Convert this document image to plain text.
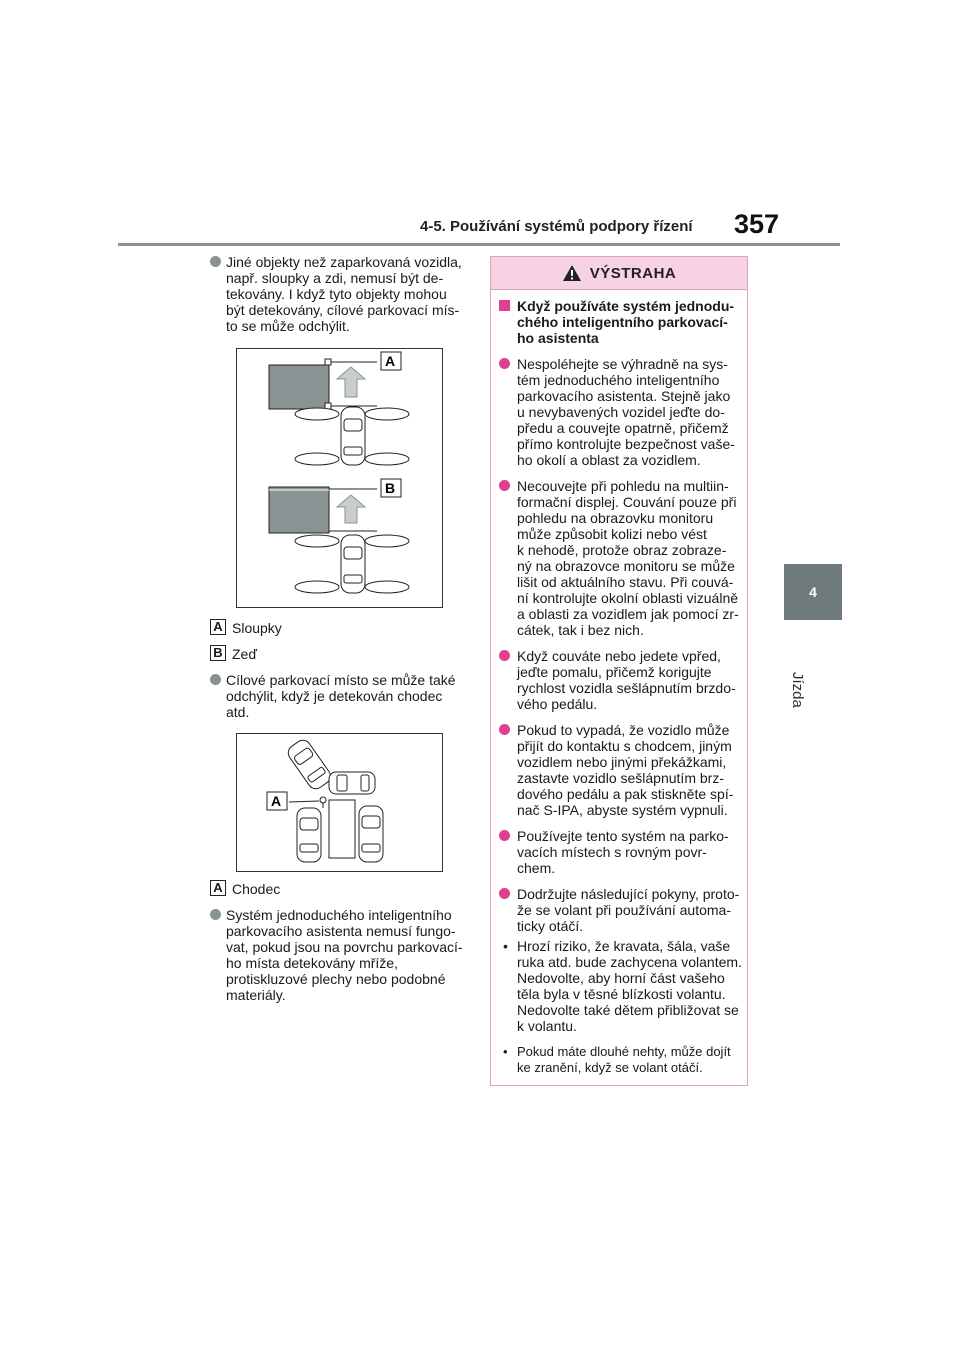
4-5. Používání systémů podpory řízení 357
4
Jízda
Jiné objekty než zaparkovaná vozidla,
např. sloupky a zdi, nemusí být de-
tekovány. I když tyto objekty mohou
být detekovány, cílové parkovací mís-
to se může odchýlit.
A
B
A Sloupky
B Zeď
Cílové parkovací místo se může také
odchýlit, když je detekován chodec
atd.
A
A Chodec
Systém jednoduchého inteligentního
parkovacího asistenta nemusí fungo-
vat, pokud jsou na povrchu parkovací-
ho místa detekovány mříže,
protiskluzové plechy nebo podobné
materiály.
VÝSTRAHA
Když používáte systém jednodu-
chého inteligentního parkovací-
ho asistenta
Nespoléhejte se výhradně na sys-
tém jednoduchého inteligentního
parkovacího asistenta. Stejně jako
u nevybavených vozidel jeďte do-
předu a couvejte opatrně, přičemž
přímo kontrolujte bezpečnost vaše-
ho okolí a oblast za vozidlem.
Necouvejte při pohledu na multiin-
formační displej. Couvání pouze při
pohledu na obrazovku monitoru
může způsobit kolizi nebo vést
k nehodě, protože obraz zobraze-
ný na obrazovce monitoru se může
lišit od aktuálního stavu. Při couvá-
ní kontrolujte okolní oblasti vizuálně
a oblasti za vozidlem jak pomocí zr-
cátek, tak i bez nich.
Když couváte nebo jedete vpřed,
jeďte pomalu, přičemž korigujte
rychlost vozidla sešlápnutím brzdo-
vého pedálu.
Pokud to vypadá, že vozidlo může
přijít do kontaktu s chodcem, jiným
vozidlem nebo jinými překážkami,
zastavte vozidlo sešlápnutím brz-
dového pedálu a pak stiskněte spí-
nač S-IPA, abyste systém vypnuli.
Používejte tento systém na parko-
vacích místech s rovným povr-
chem.
Dodržujte následující pokyny, proto-
že se volant při používání automa-
ticky otáčí.
• Hrozí riziko, že kravata, šála, vaše
ruka atd. bude zachycena volantem.
Nedovolte, aby horní část vašeho
těla byla v těsné blízkosti volantu.
Nedovolte také dětem přibližovat se
k volantu.
• Pokud máte dlouhé nehty, může dojít
ke zranění, když se volant otáčí.
